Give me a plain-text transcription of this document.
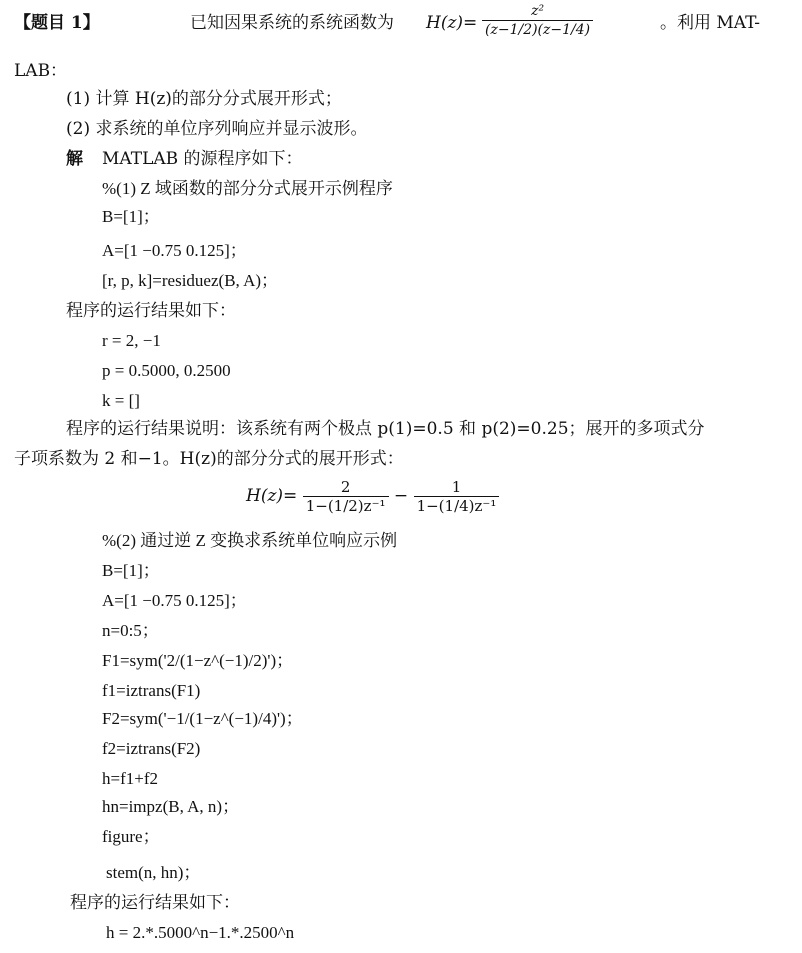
【题目 1】	已知因果系统的系统函数为 $H(z)= \frac{\text{z²}}{(z-1/2)(z-1/4)}$	。利用 MAT-
LAB：
(1) 计算 H(z)的部分分式展开形式；
(2) 求系统的单位序列响应并显示波形。
解 MATLAB 的源程序如下：
%(1) Z 域函数的部分分式展开示例程序
B=[1]；
A=[1 −0.75 0.125]；
[r, p, k]=residuez(B, A)；
程序的运行结果如下：
r = 2, −1
p = 0.5000, 0.2500
k = []
程序的运行结果说明：该系统有两个极点 p(1)=0.5 和 p(2)=0.25；展开的多项式分
子项系数为 2 和−1。H(z)的部分分式的展开形式：
$H(z)= \frac{2}{\text{1−(1/2)z⁻¹}} - \frac{1}{\text{1−(1/4)z⁻¹}}$
%(2) 通过逆 Z 变换求系统单位响应示例
B=[1]；
A=[1 −0.75 0.125]；
n=0:5；
F1=sym('2/(1−z^(−1)/2)')；
f1=iztrans(F1)
F2=sym('−1/(1−z^(−1)/4)')；
f2=iztrans(F2)
h=f1+f2
hn=impz(B, A, n)；
figure；
stem(n, hn)；
程序的运行结果如下：
h = 2.*.5000^n−1.*.2500^n
